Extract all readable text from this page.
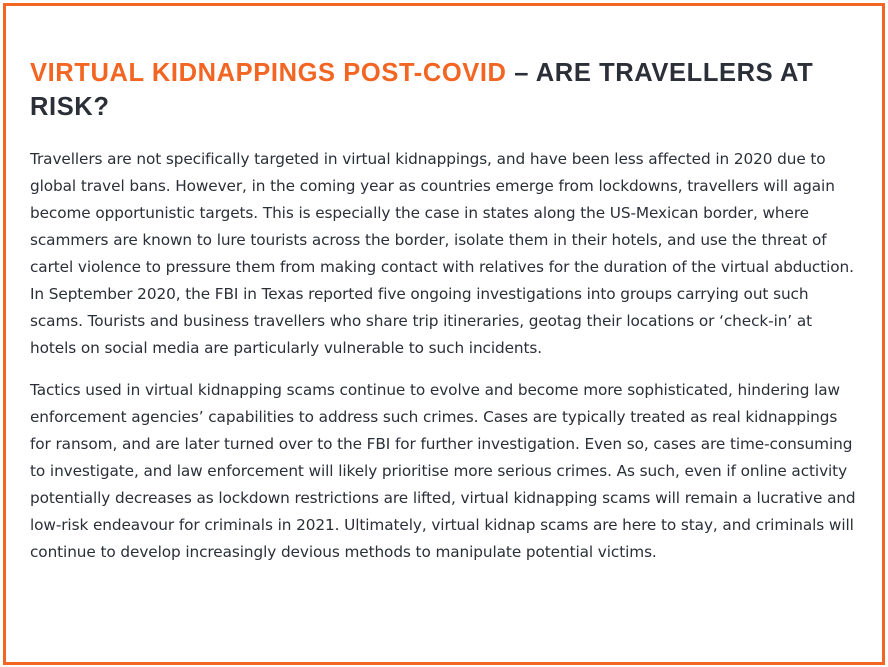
VIRTUAL KIDNAPPINGS POST-COVID – ARE TRAVELLERS AT RISK?

Travellers are not specifically targeted in virtual kidnappings, and have been less affected in 2020 due to global travel bans. However, in the coming year as countries emerge from lockdowns, travellers will again become opportunistic targets. This is especially the case in states along the US-Mexican border, where scammers are known to lure tourists across the border, isolate them in their hotels, and use the threat of cartel violence to pressure them from making contact with relatives for the duration of the virtual abduction. In September 2020, the FBI in Texas reported five ongoing investigations into groups carrying out such scams. Tourists and business travellers who share trip itineraries, geotag their locations or ‘check-in’ at hotels on social media are particularly vulnerable to such incidents.

Tactics used in virtual kidnapping scams continue to evolve and become more sophisticated, hindering law enforcement agencies’ capabilities to address such crimes. Cases are typically treated as real kidnappings for ransom, and are later turned over to the FBI for further investigation. Even so, cases are time-consuming to investigate, and law enforcement will likely prioritise more serious crimes. As such, even if online activity potentially decreases as lockdown restrictions are lifted, virtual kidnapping scams will remain a lucrative and low-risk endeavour for criminals in 2021. Ultimately, virtual kidnap scams are here to stay, and criminals will continue to develop increasingly devious methods to manipulate potential victims.
